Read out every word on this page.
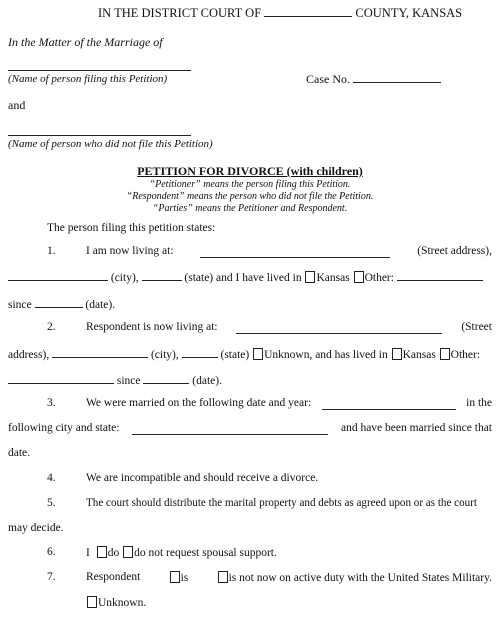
IN THE DISTRICT COURT OF	COUNTY, KANSAS
In the Matter of the Marriage of
(Name of person filing this Petition)	Case No.
and
(Name of person who did not file this Petition)
PETITION FOR DIVORCE (with children)
“Petitioner” means the person filing this Petition.
“Respondent” means the person who did not file the Petition.
“Parties” means the Petitioner and Respondent.
The person filing this petition states:
1.	I am now living at:	(Street address),
(city),	(state) and I have lived in Kansas Other:
since	(date).
2.	Respondent is now living at:	(Street
address),	(city),	(state) Unknown, and has lived in Kansas Other:
since	(date).
3.	We were married on the following date and year:	in the
following city and state:	and have been married since that
date.
4.	We are incompatible and should receive a divorce.
5.	The court should distribute the marital property and debts as agreed upon or as the court
may decide.
6.	I do do not request spousal support.
7.	Respondent	is	is not now on active duty with the United States Military.
Unknown.
